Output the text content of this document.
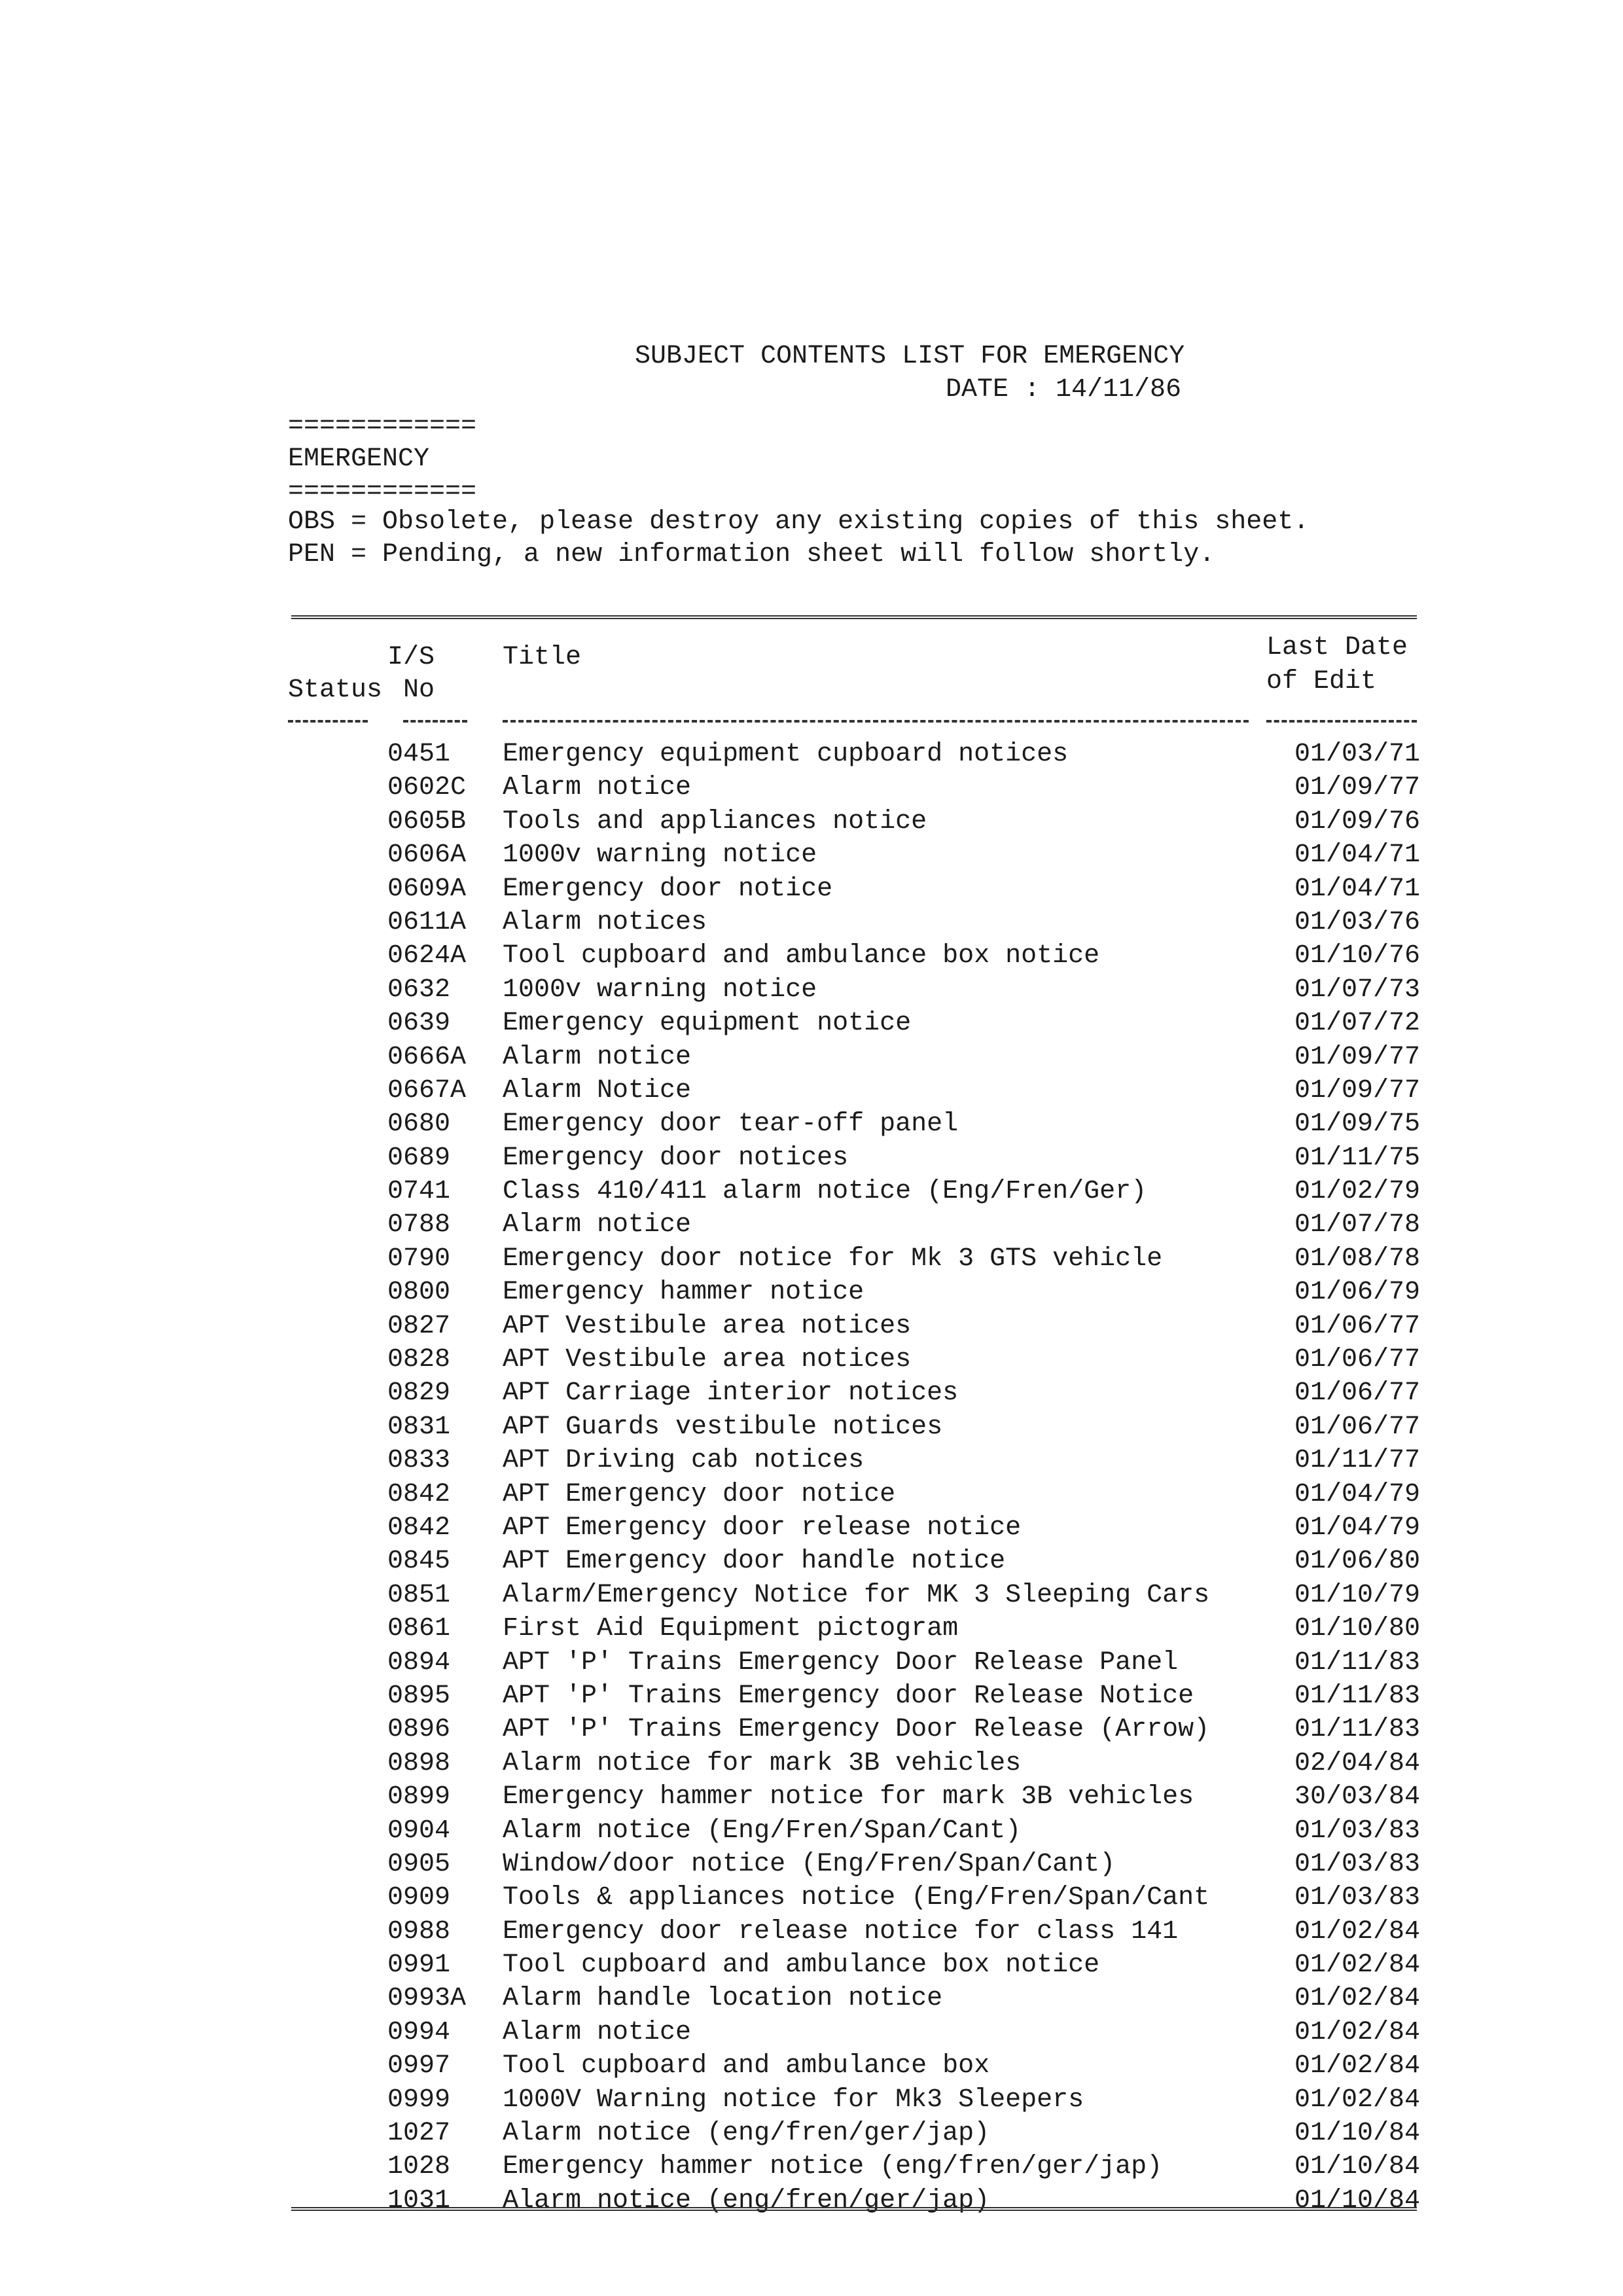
SUBJECT CONTENTS LIST FOR EMERGENCY
DATE : 14/11/86
============
EMERGENCY
============
OBS = Obsolete, please destroy any existing copies of this sheet.
PEN = Pending, a new information sheet will follow shortly.
I/S
Status No
Title	Last Date
of Edit
0451 Emergency equipment cupboard notices	01/03/71
0602C Alarm notice	01/09/77
0605B Tools and appliances notice	01/09/76
0606A 1000v warning notice	01/04/71
0609A Emergency door notice	01/04/71
0611A Alarm notices	01/03/76
0624A Tool cupboard and ambulance box notice	01/10/76
0632 1000v warning notice	01/07/73
0639 Emergency equipment notice	01/07/72
0666A Alarm notice	01/09/77
0667A Alarm Notice	01/09/77
0680 Emergency door tear-off panel	01/09/75
0689 Emergency door notices	01/11/75
0741 Class 410/411 alarm notice (Eng/Fren/Ger)	01/02/79
0788 Alarm notice	01/07/78
0790 Emergency door notice for Mk 3 GTS vehicle	01/08/78
0800 Emergency hammer notice	01/06/79
0827 APT Vestibule area notices	01/06/77
0828 APT Vestibule area notices	01/06/77
0829 APT Carriage interior notices	01/06/77
0831 APT Guards vestibule notices	01/06/77
0833 APT Driving cab notices	01/11/77
0842 APT Emergency door notice	01/04/79
0842 APT Emergency door release notice	01/04/79
0845 APT Emergency door handle notice	01/06/80
0851 Alarm/Emergency Notice for MK 3 Sleeping Cars	01/10/79
0861 First Aid Equipment pictogram	01/10/80
0894 APT 'P' Trains Emergency Door Release Panel	01/11/83
0895 APT 'P' Trains Emergency door Release Notice	01/11/83
0896 APT 'P' Trains Emergency Door Release (Arrow)	01/11/83
0898 Alarm notice for mark 3B vehicles	02/04/84
0899 Emergency hammer notice for mark 3B vehicles	30/03/84
0904 Alarm notice (Eng/Fren/Span/Cant)	01/03/83
0905 Window/door notice (Eng/Fren/Span/Cant)	01/03/83
0909 Tools & appliances notice (Eng/Fren/Span/Cant	01/03/83
0988 Emergency door release notice for class 141	01/02/84
0991 Tool cupboard and ambulance box notice	01/02/84
0993A Alarm handle location notice	01/02/84
0994 Alarm notice	01/02/84
0997 Tool cupboard and ambulance box	01/02/84
0999 1000V Warning notice for Mk3 Sleepers	01/02/84
1027 Alarm notice (eng/fren/ger/jap)	01/10/84
1028 Emergency hammer notice (eng/fren/ger/jap)	01/10/84
1031 Alarm notice (eng/fren/ger/jap)	01/10/84
